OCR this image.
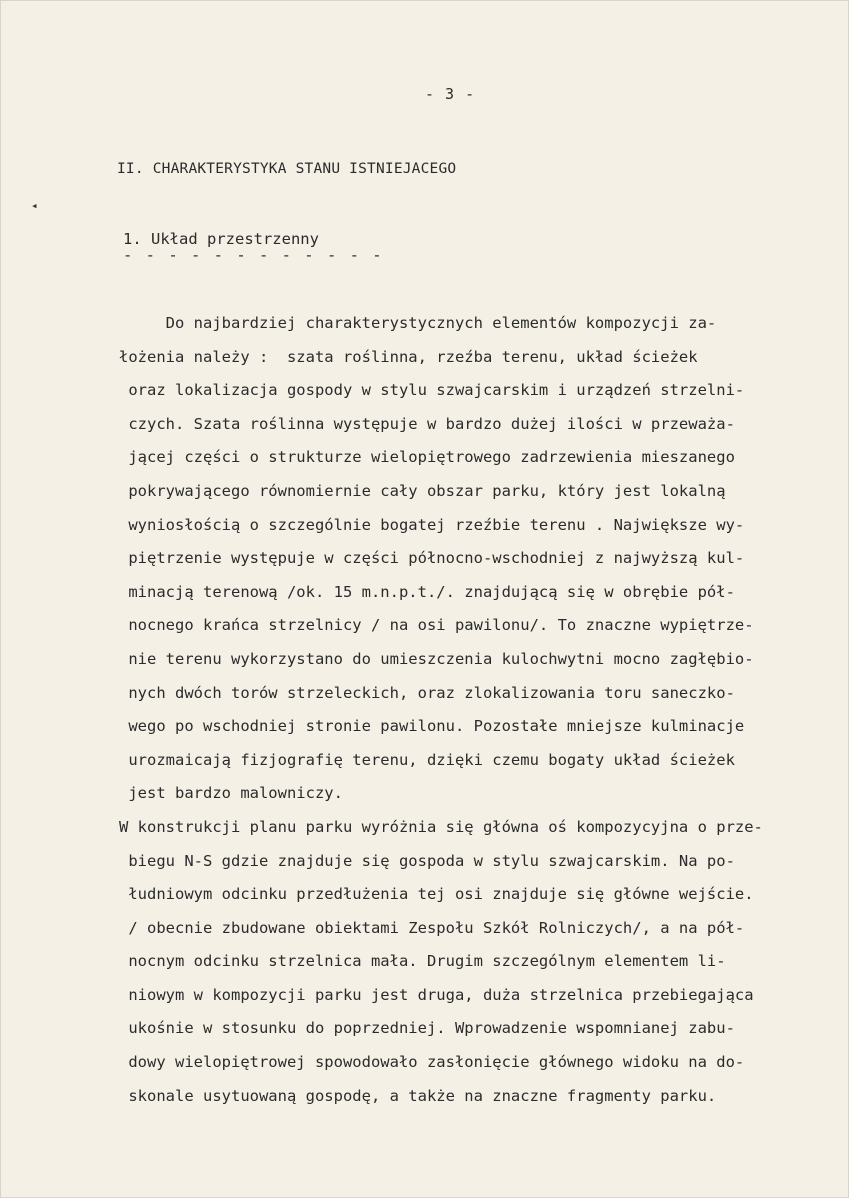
- 3 -
II. CHARAKTERYSTYKA STANU ISTNIEJACEGO
1. Układ przestrzenny
- - - - - - - - - - - -
◂
Do najbardziej charakterystycznych elementów kompozycji za-
łożenia należy :  szata roślinna, rzeźba terenu, układ ścieżek
oraz lokalizacja gospody w stylu szwajcarskim i urządzeń strzelni-
czych. Szata roślinna występuje w bardzo dużej ilości w przeważa-
jącej części o strukturze wielopiętrowego zadrzewienia mieszanego
pokrywającego równomiernie cały obszar parku, który jest lokalną
wyniosłością o szczególnie bogatej rzeźbie terenu . Największe wy-
piętrzenie występuje w części północno-wschodniej z najwyższą kul-
minacją terenową /ok. 15 m.n.p.t./. znajdującą się w obrębie pół-
nocnego krańca strzelnicy / na osi pawilonu/. To znaczne wypiętrze-
nie terenu wykorzystano do umieszczenia kulochwytni mocno zagłębio-
nych dwóch torów strzeleckich, oraz zlokalizowania toru saneczko-
wego po wschodniej stronie pawilonu. Pozostałe mniejsze kulminacje
urozmaicają fizjografię terenu, dzięki czemu bogaty układ ścieżek
jest bardzo malowniczy.
W konstrukcji planu parku wyróżnia się główna oś kompozycyjna o prze-
biegu N-S gdzie znajduje się gospoda w stylu szwajcarskim. Na po-
łudniowym odcinku przedłużenia tej osi znajduje się główne wejście.
/ obecnie zbudowane obiektami Zespołu Szkół Rolniczych/, a na pół-
nocnym odcinku strzelnica mała. Drugim szczególnym elementem li-
niowym w kompozycji parku jest druga, duża strzelnica przebiegająca
ukośnie w stosunku do poprzedniej. Wprowadzenie wspomnianej zabu-
dowy wielopiętrowej spowodowało zasłonięcie głównego widoku na do-
skonale usytuowaną gospodę, a także na znaczne fragmenty parku.
